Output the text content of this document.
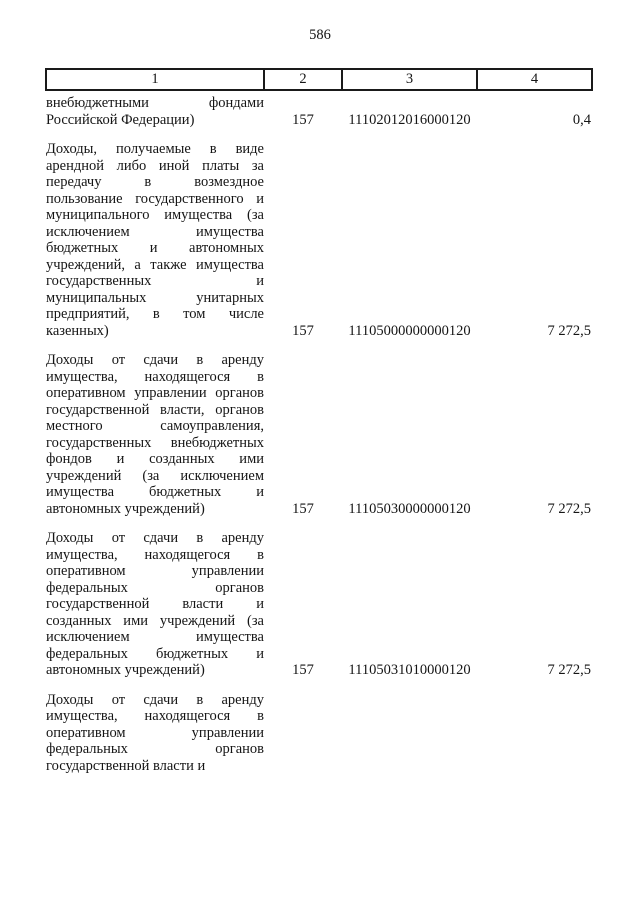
586
1	2	3	4
внебюджетными фондами Российской Федерации)	157	11102012016000120	0,4
Доходы, получаемые в виде арендной либо иной платы за передачу в возмездное пользование государственного и муниципального имущества (за исключением имущества бюджетных и автономных учреждений, а также имущества государственных и муниципальных унитарных предприятий, в том числе казенных)	157	11105000000000120	7 272,5
Доходы от сдачи в аренду имущества, находящегося в оперативном управлении органов государственной власти, органов местного самоуправления, государственных внебюджетных фондов и созданных ими учреждений (за исключением имущества бюджетных и автономных учреждений)	157	11105030000000120	7 272,5
Доходы от сдачи в аренду имущества, находящегося в оперативном управлении федеральных органов государственной власти и созданных ими учреждений (за исключением имущества федеральных бюджетных и автономных учреждений)	157	11105031010000120	7 272,5
Доходы от сдачи в аренду имущества, находящегося в оперативном управлении федеральных органов государственной власти и			
